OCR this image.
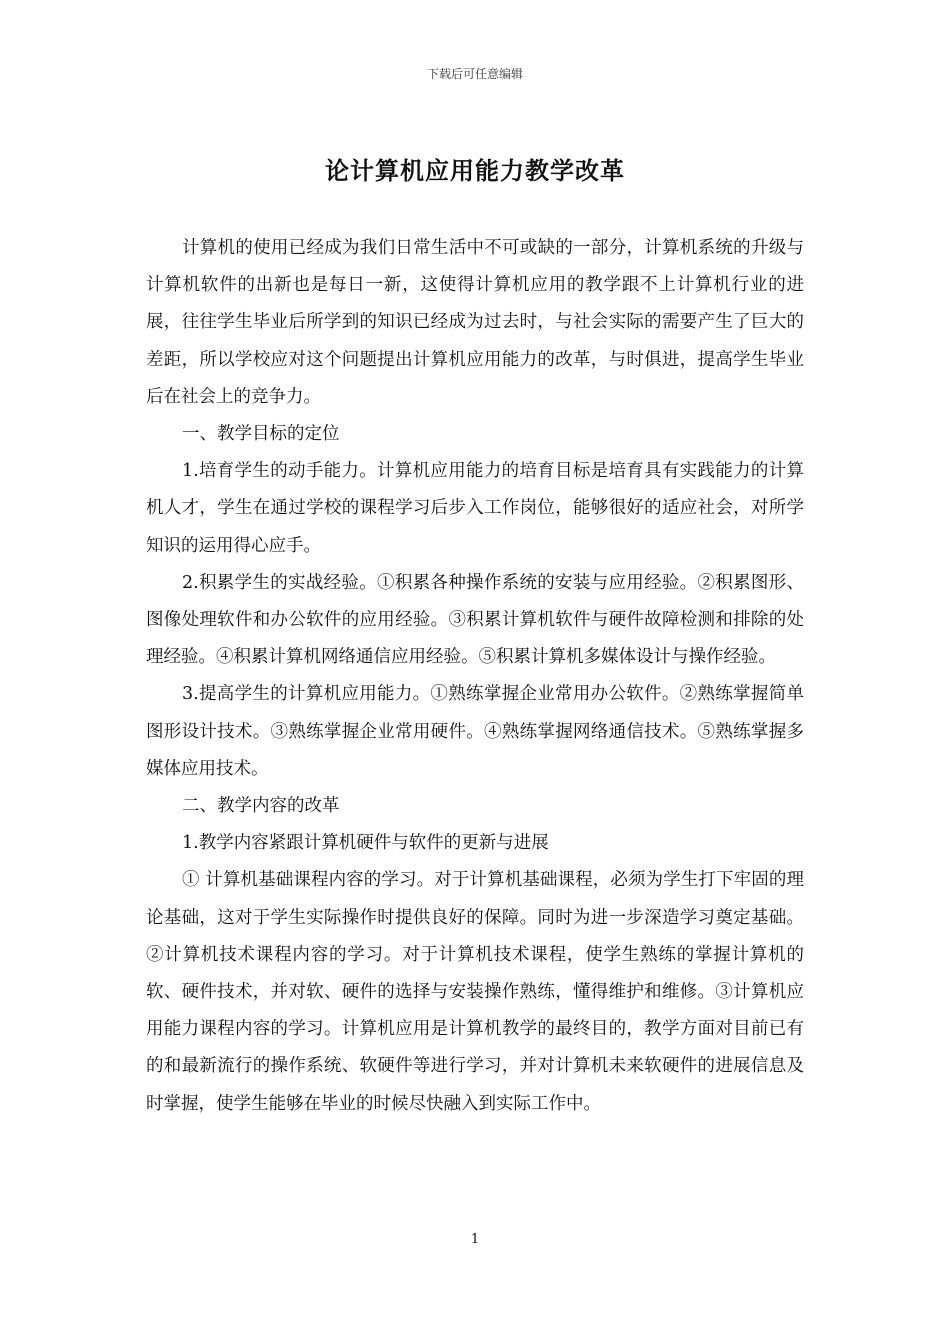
下载后可任意编辑
论计算机应用能力教学改革

计算机的使用已经成为我们日常生活中不可或缺的一部分，计算机系统的升级与计算机软件的出新也是每日一新，这使得计算机应用的教学跟不上计算机行业的进展，往往学生毕业后所学到的知识已经成为过去时，与社会实际的需要产生了巨大的差距，所以学校应对这个问题提出计算机应用能力的改革，与时俱进，提高学生毕业后在社会上的竞争力。

一、教学目标的定位

1.培育学生的动手能力。计算机应用能力的培育目标是培育具有实践能力的计算机人才，学生在通过学校的课程学习后步入工作岗位，能够很好的适应社会，对所学知识的运用得心应手。

2.积累学生的实战经验。①积累各种操作系统的安装与应用经验。②积累图形、图像处理软件和办公软件的应用经验。③积累计算机软件与硬件故障检测和排除的处理经验。④积累计算机网络通信应用经验。⑤积累计算机多媒体设计与操作经验。

3.提高学生的计算机应用能力。①熟练掌握企业常用办公软件。②熟练掌握简单图形设计技术。③熟练掌握企业常用硬件。④熟练掌握网络通信技术。⑤熟练掌握多媒体应用技术。

二、教学内容的改革

1.教学内容紧跟计算机硬件与软件的更新与进展

① 计算机基础课程内容的学习。对于计算机基础课程，必须为学生打下牢固的理论基础，这对于学生实际操作时提供良好的保障。同时为进一步深造学习奠定基础。②计算机技术课程内容的学习。对于计算机技术课程，使学生熟练的掌握计算机的软、硬件技术，并对软、硬件的选择与安装操作熟练，懂得维护和维修。③计算机应用能力课程内容的学习。计算机应用是计算机教学的最终目的，教学方面对目前已有的和最新流行的操作系统、软硬件等进行学习，并对计算机未来软硬件的进展信息及时掌握，使学生能够在毕业的时候尽快融入到实际工作中。

1
